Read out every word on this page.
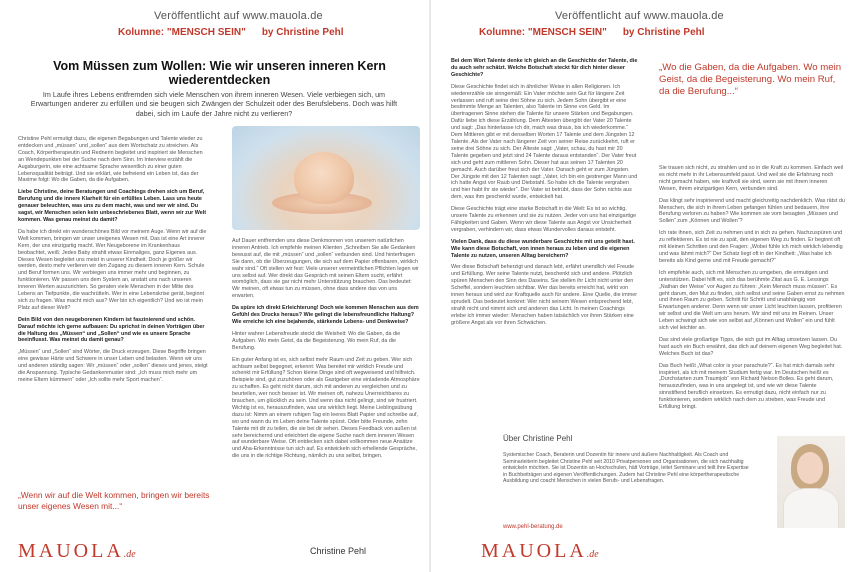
Veröffentlicht auf www.mauola.de
Kolumne: "MENSCH SEIN" by Christine Pehl
Vom Müssen zum Wollen: Wie wir unseren inneren Kern wiederentdecken

Im Laufe ihres Lebens entfremden sich viele Menschen von ihrem inneren Wesen. Viele verbiegen sich, um Erwartungen anderer zu erfüllen und sie beugen sich Zwängen der Schulzeit oder des Berufslebens. Doch was hilft dabei, sich im Laufe der Jahre nicht zu verlieren?

Christine Pehl ermutigt dazu, die eigenen Begabungen und Talente wieder zu entdecken und „müssen“ und „sollen“ aus dem Wortschatz zu streichen. Als Coach, Körpertherapeutin und Rednerin begleitet und inspiriert sie Menschen an Wendepunkten bei der Suche nach dem Sinn. Im Interview erzählt die Augsburgerin, wie eine achtsame Sprache wesentlich zu einer guten Lebensqualität beiträgt. Und sie erklärt, wie befreiend ein Leben ist, das der Maxime folgt: Wo die Gaben, da die Aufgaben.

Liebe Christine, deine Beratungen und Coachings drehen sich um Beruf, Berufung und die innere Klarheit für ein erfülltes Leben. Lass uns heute genauer beleuchten, was uns zu dem macht, was und wer wir sind. Du sagst, wir Menschen seien kein unbeschriebenes Blatt, wenn wir zur Welt kommen. Was genau meinst du damit?

Da habe ich direkt ein wunderschönes Bild vor meinem Auge. Wenn wir auf die Welt kommen, bringen wir unser ureigenes Wesen mit. Das ist eine Art innerer Kern, der uns einzigartig macht. Wer Neugeborene im Krankenhaus beobachtet, weiß: Jedes Baby strahlt etwas Einmaliges, ganz Eigenes aus. Dieses Wesen begleitet uns meist in unserer Kindheit. Doch je größer wir werden, desto mehr verlieren wir den Zugang zu diesem inneren Kern. Schule und Beruf formen uns. Wir verbiegen uns immer mehr und beginnen, zu funktionieren. Wir passen uns dem System an, anstatt uns nach unseren inneren Werten auszurichten. So geraten viele Menschen in der Mitte des Lebens an Tiefpunkte, die wachrütteln. Wer in eine Lebenskrise gerät, beginnt sich zu fragen. Was macht mich aus? Wer bin ich eigentlich? Und wo ist mein Platz auf dieser Welt?

Dein Bild von den neugeborenen Kindern ist faszinierend und schön. Darauf möchte ich gerne aufbauen: Du sprichst in deinen Vorträgen über die Haltung des „Müssen“ und „Sollen“ und wie es unsere Sprache beeinflusst. Was meinst du damit genau?

„Müssen“ und „Sollen“ sind Wörter, die Druck erzeugen. Diese Begriffe bringen eine gewisse Härte und Schwere in unser Leben und belasten. Wenn wir uns und anderen ständig sagen: Wir „müssen“ oder „sollen“ dieses und jenes, steigt die Anspannung. Typische Gedankenmuster sind: „Ich muss mich mehr um meine Eltern kümmern“ oder „Ich sollte mehr Sport machen“.

Auf Dauer entfremden uns diese Denkmonnen von unserem natürlichen inneren Antrieb. Ich empfehle meinen Klienten „Schreiben Sie alle Gedanken bewusst auf, die mit „müssen“ und „sollen“ verbunden sind. Und hinterfragen Sie dann, ob die Überzeugungen, die sich auf dem Papier offenbaren, wirklich wahr sind.“ Oft stellen wir fest: Viele unserer vermeintlichen Pflichten legen wir uns selbst auf. Wer direkt das Gespräch mit seinen Eltern sucht, erfährt womöglich, dass sie gar nicht mehr Unterstützung brauchen. Das bedeutet: Wir meinen, oft etwas tun zu müssen, ohne dass andere das von uns erwarten.

Da spüre ich direkt Erleichterung! Doch wie kommen Menschen aus dem Gefühl des Drucks heraus? Wie gelingt die lebensfreundliche Haltung? Wie erreiche ich eine bejahende, stärkende Lebens- und Denkweise?

Hinter wahrer Lebensfreude steckt die Weisheit: Wo die Gaben, da die Aufgaben. Wo mein Geist, da die Begeisterung. Wo mein Ruf, da die Berufung.

Ein guter Anfang ist es, sich selbst mehr Raum und Zeit zu geben. Wer sich achtsam selbst begegnet, erkennt: Was bereitet mir wirklich Freude und schenkt mir Erfüllung? Schon kleine Dinge sind oft wegweisend und hilfreich. Beispiele sind, gut zuzuhören oder als Gastgeber eine einladende Atmosphäre zu schaffen. Es geht nicht darum, sich mit anderen zu vergleichen und zu beurteilen, wer noch besser ist. Wir meinen oft, nahezu Unerreichbares zu brauchen, um glücklich zu sein. Und wenn das nicht gelingt, sind wir frustriert. Wichtig ist es, herauszufinden, was uns wirklich liegt. Meine Lieblingsübung dazu ist: Nimm an einem ruhigen Tag ein leeres Blatt Papier und schreibe auf, wo und wann du im Leben deine Talente spürst. Oder bitte Freunde, zehn Talente mit dir zu teilen, die sie bei dir sehen. Dieses Feedback von außen ist sehr bereichernd und erleichtert die eigene Suche nach dem inneren Wesen auf wunderbare Weise. Oft entdecken sich dabei vollkommen neue Ansätze und Aha-Erkenntnisse tun sich auf. Es entwickeln sich erhellende Gespräche, die uns in die richtige Richtung, nämlich zu uns selbst, bringen.

„Wenn wir auf die Welt kommen, bringen wir bereits unser eigenes Wesen mit...“
MAUOLA.de	Christine Pehl
Veröffentlicht auf www.mauola.de
Kolumne: "MENSCH SEIN" by Christine Pehl

Bei dem Wort Talente denke ich gleich an die Geschichte der Talente, die du auch sehr schätzt. Welche Botschaft steckt für dich hinter dieser Geschichte?

Diese Geschichte findet sich in ähnlicher Weise in allen Religionen. Ich wiedererzähle sie sinngemäß: Ein Vater möchte sein Gut für längere Zeit verlassen und ruft seine drei Söhne zu sich. Jedem Sohn übergibt er eine bestimmte Menge an Talenten, also Talente im Sinne von Geld. Im übertragenen Sinne stehen die Talente für unsere Stärken und Begabungen. Dafür liebe ich diese Erzählung. Dem Ältesten übergibt der Vater 20 Talente und sagt: „Das hinterlasse ich dir, mach was draus, bis ich wiederkomme.“ Dem Mittleren gibt er mit denselben Worten 17 Talente und dem Jüngsten 12 Talente. Als der Vater nach längerer Zeit von seiner Reise zurückkehrt, ruft er seine drei Söhne zu sich. Der Älteste sagt: „Vater, schau, du hast mir 20 Talente gegeben und jetzt sind 24 Talente daraus entstanden“. Der Vater freut sich und geht zum mittleren Sohn. Dieser hat aus seinen 17 Talenten 20 gemacht. Auch darüber freut sich der Vater. Danach geht er zum Jüngsten. Der Jüngste mit den 12 Talenten sagt: „Vater, ich bin ein gestrenger Mann und ich hatte Angst vor Raub und Diebstahl. So habe ich die Talente vergraben und hier habt ihr sie wieder“. Der Vater ist betrübt, dass der Sohn nichts aus dem, was ihm geschenkt wurde, entwickelt hat.

Diese Geschichte trägt eine starke Botschaft in die Welt: Es ist so wichtig, unsere Talente zu erkennen und sie zu nutzen. Jeder von uns hat einzigartige Fähigkeiten und Gaben. Wenn wir diese Talente aus Angst vor Unsicherheit vergraben, verhindern wir, dass etwas Wundervolles daraus entsteht.

Vielen Dank, dass du diese wunderbare Geschichte mit uns geteilt hast. Wie kann diese Botschaft, von innen heraus zu leben und die eigenen Talente zu nutzen, unseren Alltag bereichern?

Wer diese Botschaft beherzigt und danach lebt, erfährt unendlich viel Freude und Erfüllung. Wer seine Talente nutzt, beschenkt sich und andere. Plötzlich spüren Menschen den Sinn des Daseins. Sie stellen ihr Licht nicht unter den Scheffel, sondern leuchten sichtbar. Wer das bereits erreicht hat, wirkt von innen heraus und wird zur Kraftquelle auch für andere. Eine Quelle, die immer sprudelt. Das bedeutet konkret: Wer nicht seinem Wesen entsprechend lebt, strahlt nicht und nimmt sich und anderen das Licht. In meinen Coachings erlebe ich immer wieder: Menschen haben tatsächlich vor ihren Stärken eine größere Angst als vor ihren Schwächen.

„Wo die Gaben, da die Aufgaben. Wo mein Geist, da die Begeisterung. Wo mein Ruf, da die Berufung...“

Sie trauen sich nicht, zu strahlen und so in die Kraft zu kommen. Einfach weil es nicht mehr in ihr Lebensumfeld passt. Und weil sie die Erfahrung noch nicht gemacht haben, wie kraftvoll sie sind, wenn sie mit ihrem inneren Wesen, ihrem einzigartigen Kern, verbunden sind.

Das klingt sehr inspirierend und macht gleichzeitig nachdenklich. Was rätst du Menschen, die sich in ihrem Leben gefangen fühlen und bedauern, ihre Berufung verloren zu haben? Wie kommen sie vom besagten „Müssen und Sollen“ zum „Können und Wollen“?

Ich rate ihnen, sich Zeit zu nehmen und in sich zu gehen. Nachzuspüren und zu reflektieren. Es ist nie zu spät, den eigenen Weg zu finden. Er beginnt oft mit kleinen Schritten und den Fragen: „Wobei fühle ich mich wirklich lebendig und was lähmt mich?“ Der Schatz liegt oft in der Kindheit: „Was habe ich bereits als Kind gerne und mit Freude gemacht?“

Ich empfehle auch, sich mit Menschen zu umgeben, die ermutigen und unterstützen. Dabei hilft es, sich das berühmte Zitat aus G. E. Lessings „Nathan der Weise“ vor Augen zu führen: „Kein Mensch muss müssen“. Es geht darum, den Mut zu finden, sich selbst und seine Gaben ernst zu nehmen und ihnen Raum zu geben. Schritt für Schritt und unabhängig von Erwartungen anderer. Denn wenn wir unser Licht leuchten lassen, profitieren wir selbst und die Welt um uns herum. Wir sind mit uns im Reinen. Unser Leben schwingt sich wie von selbst auf „Können und Wollen“ ein und fühlt sich viel leichter an.

Das sind viele großartige Tipps, die sich gut im Alltag umsetzen lassen. Du hast auch ein Buch erwähnt, das dich auf deinem eigenen Weg begleitet hat. Welches Buch ist das?

Das Buch heißt „What color is your parachute?“. Es hat mich damals sehr inspiriert, als ich mit meinem Studium fertig war. Im Deutschen heißt es „Durchstarten zum Traumjob“ von Richard Nelson Bolles. Es geht darum, herauszufinden, was in uns angelegt ist, und wie wir diese Talente sinnstiftend beruflich einsetzen. Es ermutigt dazu, nicht einfach nur zu funktionieren, sondern wirklich nach dem zu streben, was Freude und Erfüllung bringt.

Über Christine Pehl
Systemischer Coach, Beraterin und Dozentin für innere und äußere Nachhaltigkeit. Als Coach und Seminarleiterin begleitet Christine Pehl seit 2010 Privatpersonen und Organisationen, die sich nachhaltig entwickeln möchten. Sie ist Dozentin an Hochschulen, hält Vorträge, leitet Seminare und teilt ihre Expertise in Buchbeiträgen und eigenen Veröffentlichungen. Zudem hat Christine Pehl eine körpertherapeutische Ausbildung und coacht Menschen in vielen Berufs- und Lebensfragen.
www.pehl-beratung.de
MAUOLA.de
